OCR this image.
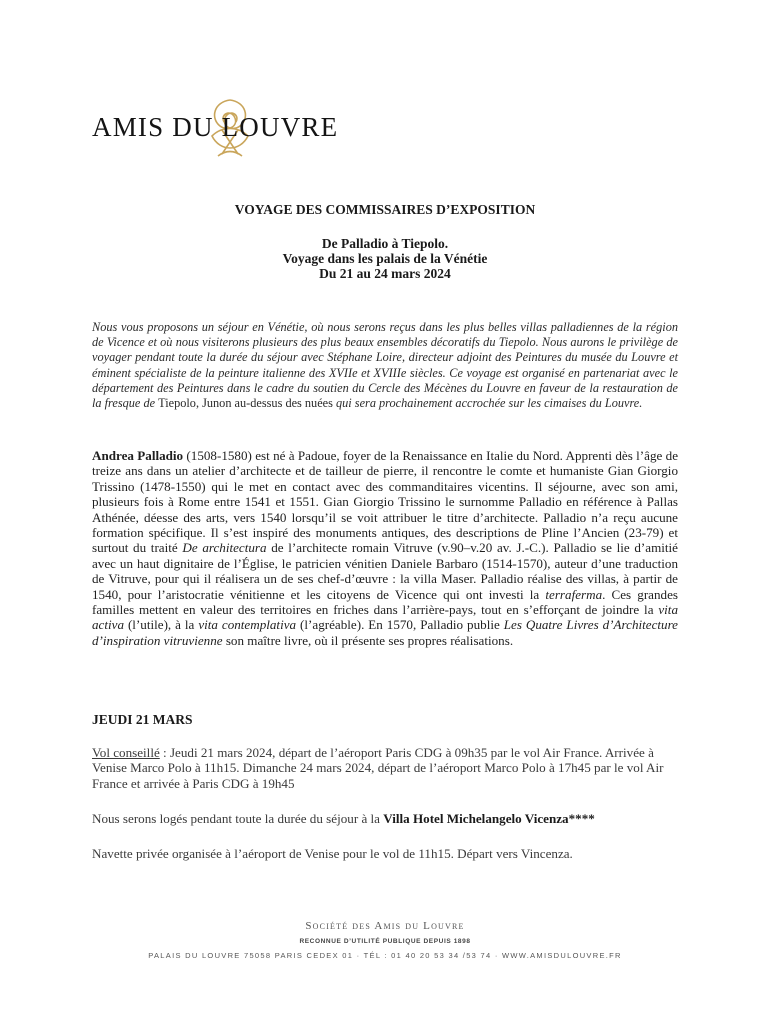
AMIS DU LOUVRE
VOYAGE DES COMMISSAIRES D’EXPOSITION
De Palladio à Tiepolo.
Voyage dans les palais de la Vénétie
Du 21 au 24 mars 2024
Nous vous proposons un séjour en Vénétie, où nous serons reçus dans les plus belles villas palladiennes de la région de Vicence et où nous visiterons plusieurs des plus beaux ensembles décoratifs du Tiepolo. Nous aurons le privilège de voyager pendant toute la durée du séjour avec Stéphane Loire, directeur adjoint des Peintures du musée du Louvre et éminent spécialiste de la peinture italienne des XVIIe et XVIIIe siècles. Ce voyage est organisé en partenariat avec le département des Peintures dans le cadre du soutien du Cercle des Mécènes du Louvre en faveur de la restauration de la fresque de Tiepolo, Junon au-dessus des nuées qui sera prochainement accrochée sur les cimaises du Louvre.
Andrea Palladio (1508-1580) est né à Padoue, foyer de la Renaissance en Italie du Nord. Apprenti dès l’âge de treize ans dans un atelier d’architecte et de tailleur de pierre, il rencontre le comte et humaniste Gian Giorgio Trissino (1478-1550) qui le met en contact avec des commanditaires vicentins. Il séjourne, avec son ami, plusieurs fois à Rome entre 1541 et 1551. Gian Giorgio Trissino le surnomme Palladio en référence à Pallas Athénée, déesse des arts, vers 1540 lorsqu’il se voit attribuer le titre d’architecte. Palladio n’a reçu aucune formation spécifique. Il s’est inspiré des monuments antiques, des descriptions de Pline l’Ancien (23-79) et surtout du traité De architectura de l’architecte romain Vitruve (v.90–v.20 av. J.-C.). Palladio se lie d’amitié avec un haut dignitaire de l’Église, le patricien vénitien Daniele Barbaro (1514-1570), auteur d’une traduction de Vitruve, pour qui il réalisera un de ses chef-d’œuvre : la villa Maser. Palladio réalise des villas, à partir de 1540, pour l’aristocratie vénitienne et les citoyens de Vicence qui ont investi la terraferma. Ces grandes familles mettent en valeur des territoires en friches dans l’arrière-pays, tout en s’efforçant de joindre la vita activa (l’utile), à la vita contemplativa (l’agréable). En 1570, Palladio publie Les Quatre Livres d’Architecture d’inspiration vitruvienne son maître livre, où il présente ses propres réalisations.
JEUDI 21 MARS
Vol conseillé : Jeudi 21 mars 2024, départ de l’aéroport Paris CDG à 09h35 par le vol Air France. Arrivée à Venise Marco Polo à 11h15. Dimanche 24 mars 2024, départ de l’aéroport Marco Polo à 17h45 par le vol Air France et arrivée à Paris CDG à 19h45
Nous serons logés pendant toute la durée du séjour à la Villa Hotel Michelangelo Vicenza****
Navette privée organisée à l’aéroport de Venise pour le vol de 11h15. Départ vers Vincenza.
Société des Amis du Louvre
RECONNUE D’UTILITÉ PUBLIQUE DEPUIS 1898
PALAIS DU LOUVRE 75058 PARIS CEDEX 01 · TÉL : 01 40 20 53 34 /53 74 · WWW.AMISDULOUVRE.FR
